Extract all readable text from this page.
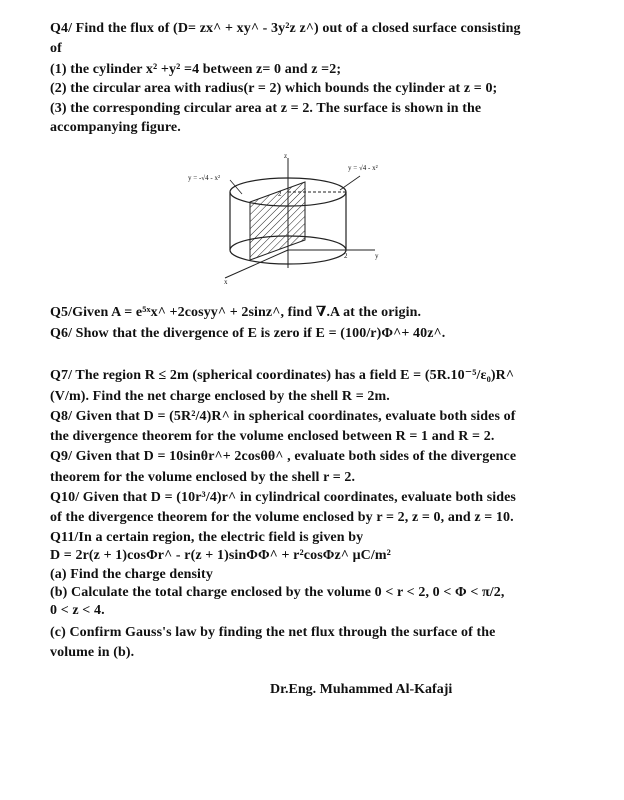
Q4/ Find the flux of (D= zx^ + xy^ - 3y²z z^) out of a closed surface consisting
of
(1) the cylinder x² +y² =4 between z= 0 and z =2;
(2) the circular area with radius(r = 2) which bounds the cylinder at z = 0;
(3) the corresponding circular area at z = 2. The surface is shown in the
accompanying figure.
y = -√4 - x²
y = √4 - x²
z
2
y
2
x
Q5/Given A = e⁵ˣx^ +2cosyy^ + 2sinz^, find ∇.A at the origin.
Q6/ Show that the divergence of E is zero if E = (100/r)Φ^+ 40z^.
Q7/ The region R ≤ 2m (spherical coordinates) has a field E = (5R.10⁻⁵/ε₀)R^
(V/m). Find the net charge enclosed by the shell R = 2m.
Q8/ Given that D = (5R²/4)R^ in spherical coordinates, evaluate both sides of
the divergence theorem for the volume enclosed between R = 1 and R = 2.
Q9/ Given that D = 10sinθr^+ 2cosθθ^ , evaluate both sides of the divergence
theorem for the volume enclosed by the shell r = 2.
Q10/ Given that D = (10r³/4)r^ in cylindrical coordinates, evaluate both sides
of the divergence theorem for the volume enclosed by r = 2, z = 0, and z = 10.
Q11/In a certain region, the electric field is given by
D = 2r(z + 1)cosΦr^ - r(z + 1)sinΦΦ^ + r²cosΦz^ μC/m²
(a) Find the charge density
(b) Calculate the total charge enclosed by the volume 0 < r < 2, 0 < Φ < π/2,
0 < z < 4.
(c) Confirm Gauss's law by finding the net flux through the surface of the
volume in (b).
Dr.Eng. Muhammed Al-Kafaji
